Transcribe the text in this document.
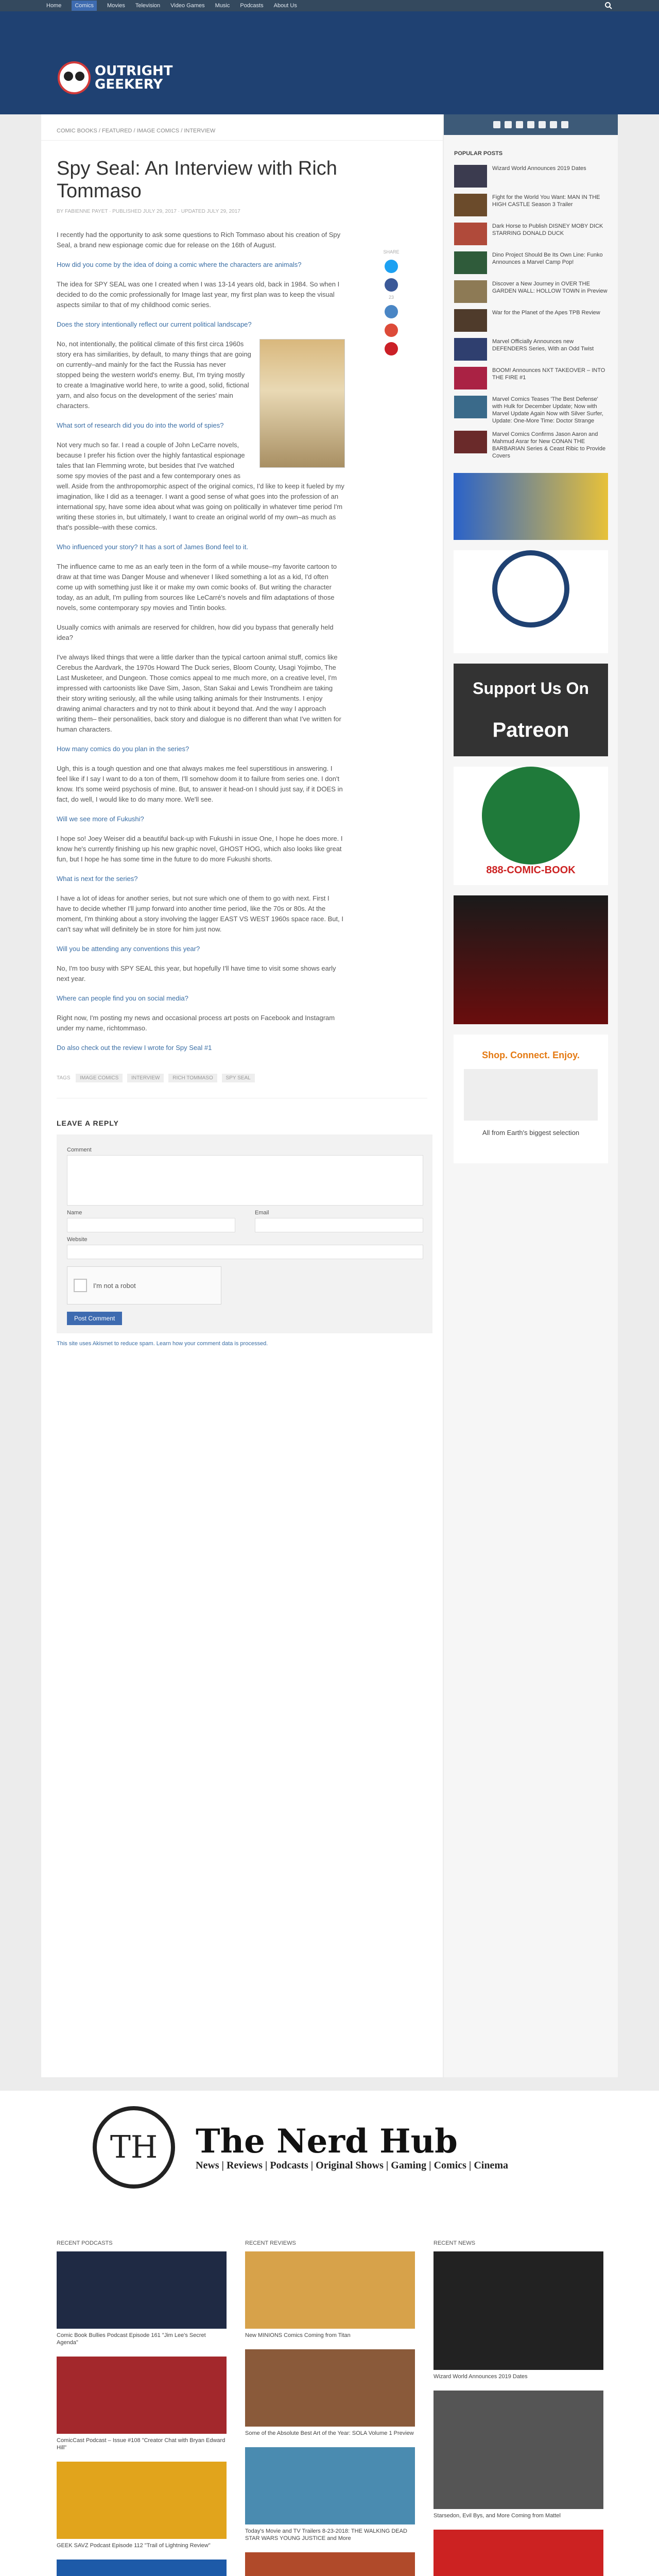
Home	Comics	Movies Television Video Games Music Podcasts About Us
OUTRIGHT
GEEKERY
COMIC BOOKS / FEATURED / IMAGE COMICS / INTERVIEW
Spy Seal: An Interview with Rich Tommaso
BY FABIENNE PAYET · PUBLISHED JULY 29, 2017 · UPDATED JULY 29, 2017
SHARE
23

I recently had the opportunity to ask some questions to Rich Tommaso about his creation of Spy Seal, a brand new espionage comic due for release on the 16th of August.

How did you come by the idea of doing a comic where the characters are animals?

The idea for SPY SEAL was one I created when I was 13-14 years old, back in 1984. So when I decided to do the comic professionally for Image last year, my first plan was to keep the visual aspects similar to that of my childhood comic series.

Does the story intentionally reflect our current political landscape?

No, not intentionally, the political climate of this first circa 1960s story era has similarities, by default, to many things that are going on currently–and mainly for the fact the Russia has never stopped being the western world's enemy. But, I'm trying mostly to create a Imaginative world here, to write a good, solid, fictional yarn, and also focus on the development of the series' main characters.

What sort of research did you do into the world of spies?

Not very much so far. I read a couple of John LeCarre novels, because I prefer his fiction over the highly fantastical espionage tales that Ian Flemming wrote, but besides that I've watched some spy movies of the past and a few contemporary ones as well. Aside from the anthropomorphic aspect of the original comics, I'd like to keep it fueled by my imagination, like I did as a teenager. I want a good sense of what goes into the profession of an international spy, have some idea about what was going on politically in whatever time period I'm writing these stories in, but ultimately, I want to create an original world of my own–as much as that's possible–with these comics.

Who influenced your story? It has a sort of James Bond feel to it.

The influence came to me as an early teen in the form of a while mouse–my favorite cartoon to draw at that time was Danger Mouse and whenever I liked something a lot as a kid, I'd often come up with something just like it or make my own comic books of. But writing the character today, as an adult, I'm pulling from sources like LeCarré's novels and film adaptations of those novels, some contemporary spy movies and Tintin books.

Usually comics with animals are reserved for children, how did you bypass that generally held idea?

I've always liked things that were a little darker than the typical cartoon animal stuff, comics like Cerebus the Aardvark, the 1970s Howard The Duck series, Bloom County, Usagi Yojimbo, The Last Musketeer, and Dungeon. Those comics appeal to me much more, on a creative level, I'm impressed with cartoonists like Dave Sim, Jason, Stan Sakai and Lewis Trondheim are taking their story writing seriously, all the while using talking animals for their Instruments. I enjoy drawing animal characters and try not to think about it beyond that. And the way I approach writing them– their personalities, back story and dialogue is no different than what I've written for human characters.

How many comics do you plan in the series?

Ugh, this is a tough question and one that always makes me feel superstitious in answering. I feel like if I say I want to do a ton of them, I'll somehow doom it to failure from series one. I don't know. It's some weird psychosis of mine. But, to answer it head-on I should just say, if it DOES in fact, do well, I would like to do many more. We'll see.

Will we see more of Fukushi?

I hope so! Joey Weiser did a beautiful back-up with Fukushi in issue One, I hope he does more. I know he's currently finishing up his new graphic novel, GHOST HOG, which also looks like great fun, but I hope he has some time in the future to do more Fukushi shorts.

What is next for the series?

I have a lot of ideas for another series, but not sure which one of them to go with next. First I have to decide whether I'll jump forward into another time period, like the 70s or 80s. At the moment, I'm thinking about a story involving the lagger EAST VS WEST 1960s space race. But, I can't say what will definitely be in store for him just now.

Will you be attending any conventions this year?

No, I'm too busy with SPY SEAL this year, but hopefully I'll have time to visit some shows early next year.

Where can people find you on social media?

Right now, I'm posting my news and occasional process art posts on Facebook and Instagram under my name, richtommaso.

Do also check out the review I wrote for Spy Seal #1

TAGS IMAGE COMICS INTERVIEW RICH TOMMASO SPY SEAL
LEAVE A REPLY
Comment
Name	Email
Website
I'm not a robot
Post Comment
This site uses Akismet to reduce spam. Learn how your comment data is processed.
POPULAR POSTS
Wizard World Announces 2019 Dates
Fight for the World You Want: MAN IN THE HIGH CASTLE Season 3 Trailer
Dark Horse to Publish DISNEY MOBY DICK STARRING DONALD DUCK
Dino Project Should Be Its Own Line: Funko Announces a Marvel Camp Pop!
Discover a New Journey in OVER THE GARDEN WALL: HOLLOW TOWN in Preview
War for the Planet of the Apes TPB Review
Marvel Officially Announces new DEFENDERS Series, With an Odd Twist
BOOM! Announces NXT TAKEOVER – INTO THE FIRE #1
Marvel Comics Teases 'The Best Defense' with Hulk for December Update; Now with Marvel Update Again Now with Silver Surfer, Update: One-More Time: Doctor Strange
Marvel Comics Confirms Jason Aaron and Mahmud Asrar for New CONAN THE BARBARIAN Series & Ceast Ribic to Provide Covers
Support Us On
Patreon
888-COMIC-BOOK
Shop. Connect. Enjoy.
All from Earth's biggest selection
TH	The Nerd Hub
News | Reviews | Podcasts | Original Shows | Gaming | Comics | Cinema
RECENT PODCASTS
Comic Book Bullies Podcast Episode 161 "Jim Lee's Secret Agenda"
ComicCast Podcast – Issue #108 "Creator Chat with Bryan Edward Hill"
GEEK SAVZ Podcast Episode 112 "Trail of Lightning Review"
RECENT REVIEWS
New MINIONS Comics Coming from Titan
Some of the Absolute Best Art of the Year: SOLA Volume 1 Preview
Today's Movie and TV Trailers 8-23-2018: THE WALKING DEAD STAR WARS YOUNG JUSTICE and More
RECENT NEWS
Wizard World Announces 2019 Dates
Starsedon, Evil Bys, and More Coming from Mattel
